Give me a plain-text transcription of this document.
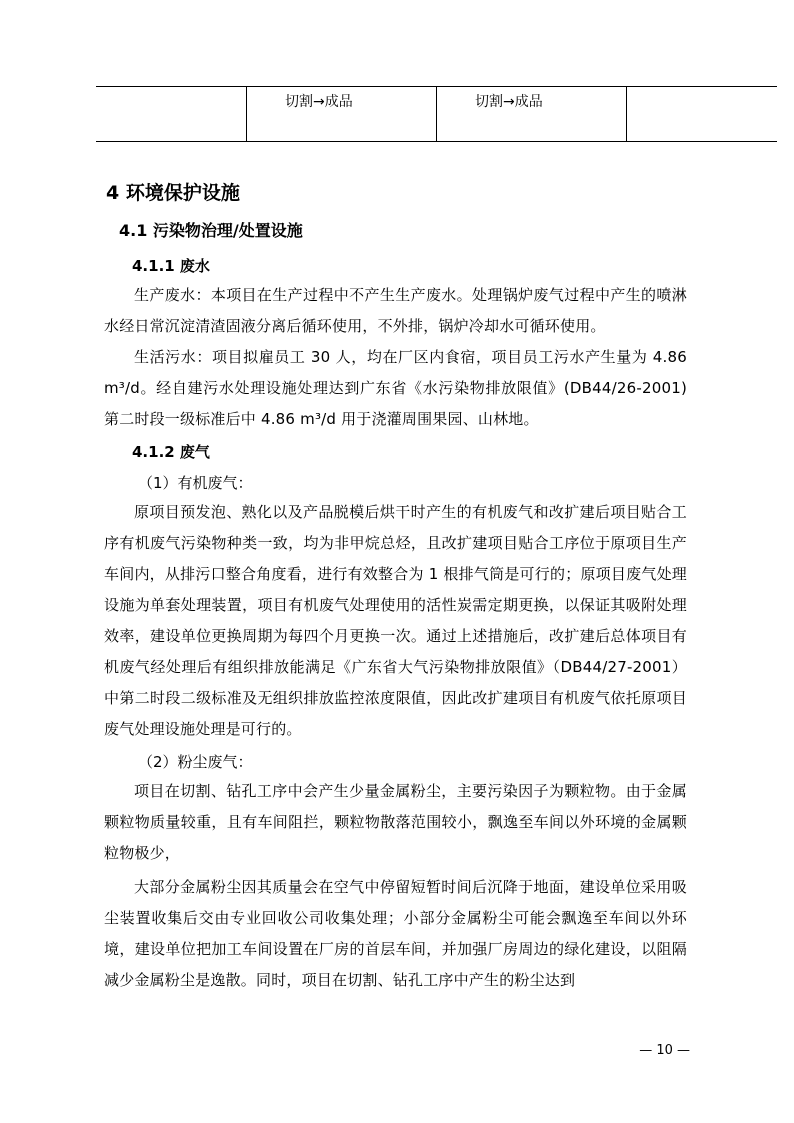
	切割→成品	切割→成品	
4 环境保护设施
4.1 污染物治理/处置设施
4.1.1 废水

生产废水：本项目在生产过程中不产生生产废水。处理锅炉废气过程中产生的喷淋水经日常沉淀清渣固液分离后循环使用，不外排，锅炉冷却水可循环使用。

生活污水：项目拟雇员工 30 人，均在厂区内食宿，项目员工污水产生量为 4.86 m³/d。经自建污水处理设施处理达到广东省《水污染物排放限值》(DB44/26-2001) 第二时段一级标准后中 4.86 m³/d 用于浇灌周围果园、山林地。

4.1.2 废气
（1）有机废气：

原项目预发泡、熟化以及产品脱模后烘干时产生的有机废气和改扩建后项目贴合工序有机废气污染物种类一致，均为非甲烷总烃，且改扩建项目贴合工序位于原项目生产车间内，从排污口整合角度看，进行有效整合为 1 根排气筒是可行的；原项目废气处理设施为单套处理装置，项目有机废气处理使用的活性炭需定期更换，以保证其吸附处理效率，建设单位更换周期为每四个月更换一次。通过上述措施后，改扩建后总体项目有机废气经处理后有组织排放能满足《广东省大气污染物排放限值》（DB44/27-2001）中第二时段二级标准及无组织排放监控浓度限值，因此改扩建项目有机废气依托原项目废气处理设施处理是可行的。

（2）粉尘废气：

项目在切割、钻孔工序中会产生少量金属粉尘，主要污染因子为颗粒物。由于金属颗粒物质量较重，且有车间阻拦，颗粒物散落范围较小，飘逸至车间以外环境的金属颗粒物极少，

大部分金属粉尘因其质量会在空气中停留短暂时间后沉降于地面，建设单位采用吸尘装置收集后交由专业回收公司收集处理；小部分金属粉尘可能会飘逸至车间以外环境，建设单位把加工车间设置在厂房的首层车间，并加强厂房周边的绿化建设，以阻隔减少金属粉尘是逸散。同时，项目在切割、钻孔工序中产生的粉尘达到

— 10 —
